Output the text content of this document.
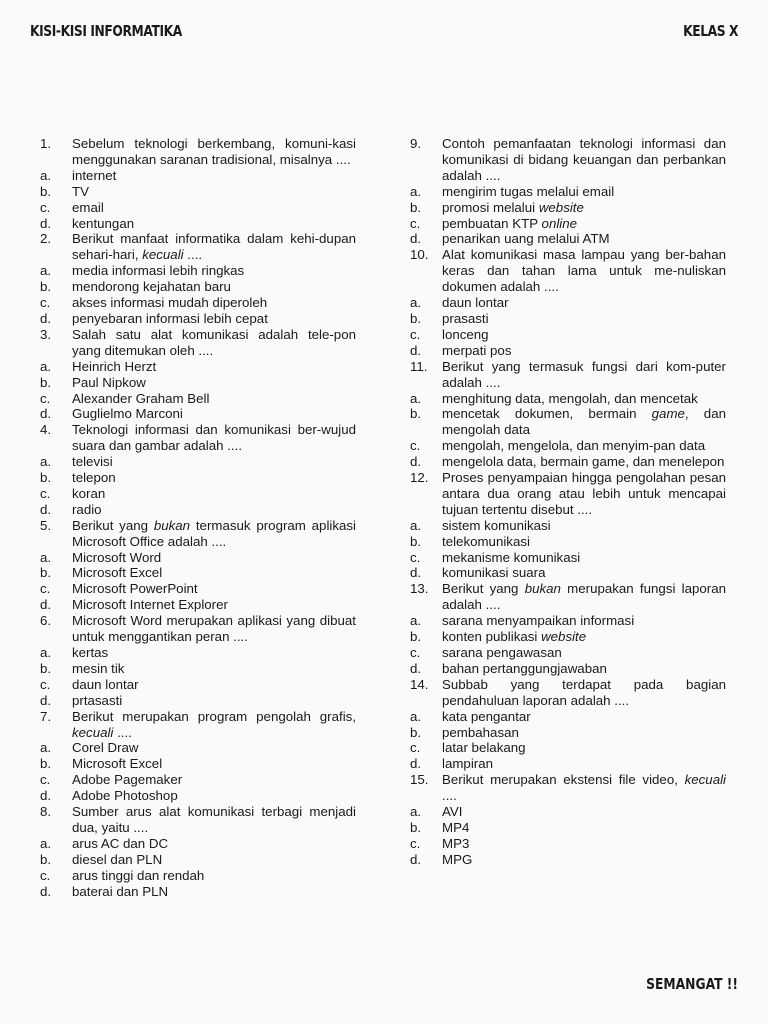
KISI-KISI INFORMATIKA	KELAS X
1.	Sebelum teknologi berkembang, komuni-kasi menggunakan saranan tradisional, misalnya ....
a.	internet
b.	TV
c.	email
d.	kentungan
2.	Berikut manfaat informatika dalam kehi-dupan sehari-hari, kecuali ....
a.	media informasi lebih ringkas
b.	mendorong kejahatan baru
c.	akses informasi mudah diperoleh
d.	penyebaran informasi lebih cepat
3.	Salah satu alat komunikasi adalah tele-pon yang ditemukan oleh ....
a.	Heinrich Herzt
b.	Paul Nipkow
c.	Alexander Graham Bell
d.	Guglielmo Marconi
4.	Teknologi informasi dan komunikasi ber-wujud suara dan gambar adalah ....
a.	televisi
b.	telepon
c.	koran
d.	radio
5.	Berikut yang bukan termasuk program aplikasi Microsoft Office adalah ....
a.	Microsoft Word
b.	Microsoft Excel
c.	Microsoft PowerPoint
d.	Microsoft Internet Explorer
6.	Microsoft Word merupakan aplikasi yang dibuat untuk menggantikan peran ....
a.	kertas
b.	mesin tik
c.	daun lontar
d.	prtasasti
7.	Berikut merupakan program pengolah grafis, kecuali ....
a.	Corel Draw
b.	Microsoft Excel
c.	Adobe Pagemaker
d.	Adobe Photoshop
8.	Sumber arus alat komunikasi terbagi menjadi dua, yaitu ....
a.	arus AC dan DC
b.	diesel dan PLN
c.	arus tinggi dan rendah
d.	baterai dan PLN
9.	Contoh pemanfaatan teknologi informasi dan komunikasi di bidang keuangan dan perbankan adalah ....
a.	mengirim tugas melalui email
b.	promosi melalui website
c.	pembuatan KTP online
d.	penarikan uang melalui ATM
10.	Alat komunikasi masa lampau yang ber-bahan keras dan tahan lama untuk me-nuliskan dokumen adalah ....
a.	daun lontar
b.	prasasti
c.	lonceng
d.	merpati pos
11.	Berikut yang termasuk fungsi dari kom-puter adalah ....
a.	menghitung data, mengolah, dan mencetak
b.	mencetak dokumen, bermain game, dan mengolah data
c.	mengolah, mengelola, dan menyim-pan data
d.	mengelola data, bermain game, dan menelepon
12.	Proses penyampaian hingga pengolahan pesan antara dua orang atau lebih untuk mencapai tujuan tertentu disebut ....
a.	sistem komunikasi
b.	telekomunikasi
c.	mekanisme komunikasi
d.	komunikasi suara
13.	Berikut yang bukan merupakan fungsi laporan adalah ....
a.	sarana menyampaikan informasi
b.	konten publikasi website
c.	sarana pengawasan
d.	bahan pertanggungjawaban
14.	Subbab yang terdapat pada bagian pendahuluan laporan adalah ....
a.	kata pengantar
b.	pembahasan
c.	latar belakang
d.	lampiran
15.	Berikut merupakan ekstensi file video, kecuali ....
a.	AVI
b.	MP4
c.	MP3
d.	MPG
SEMANGAT !!
